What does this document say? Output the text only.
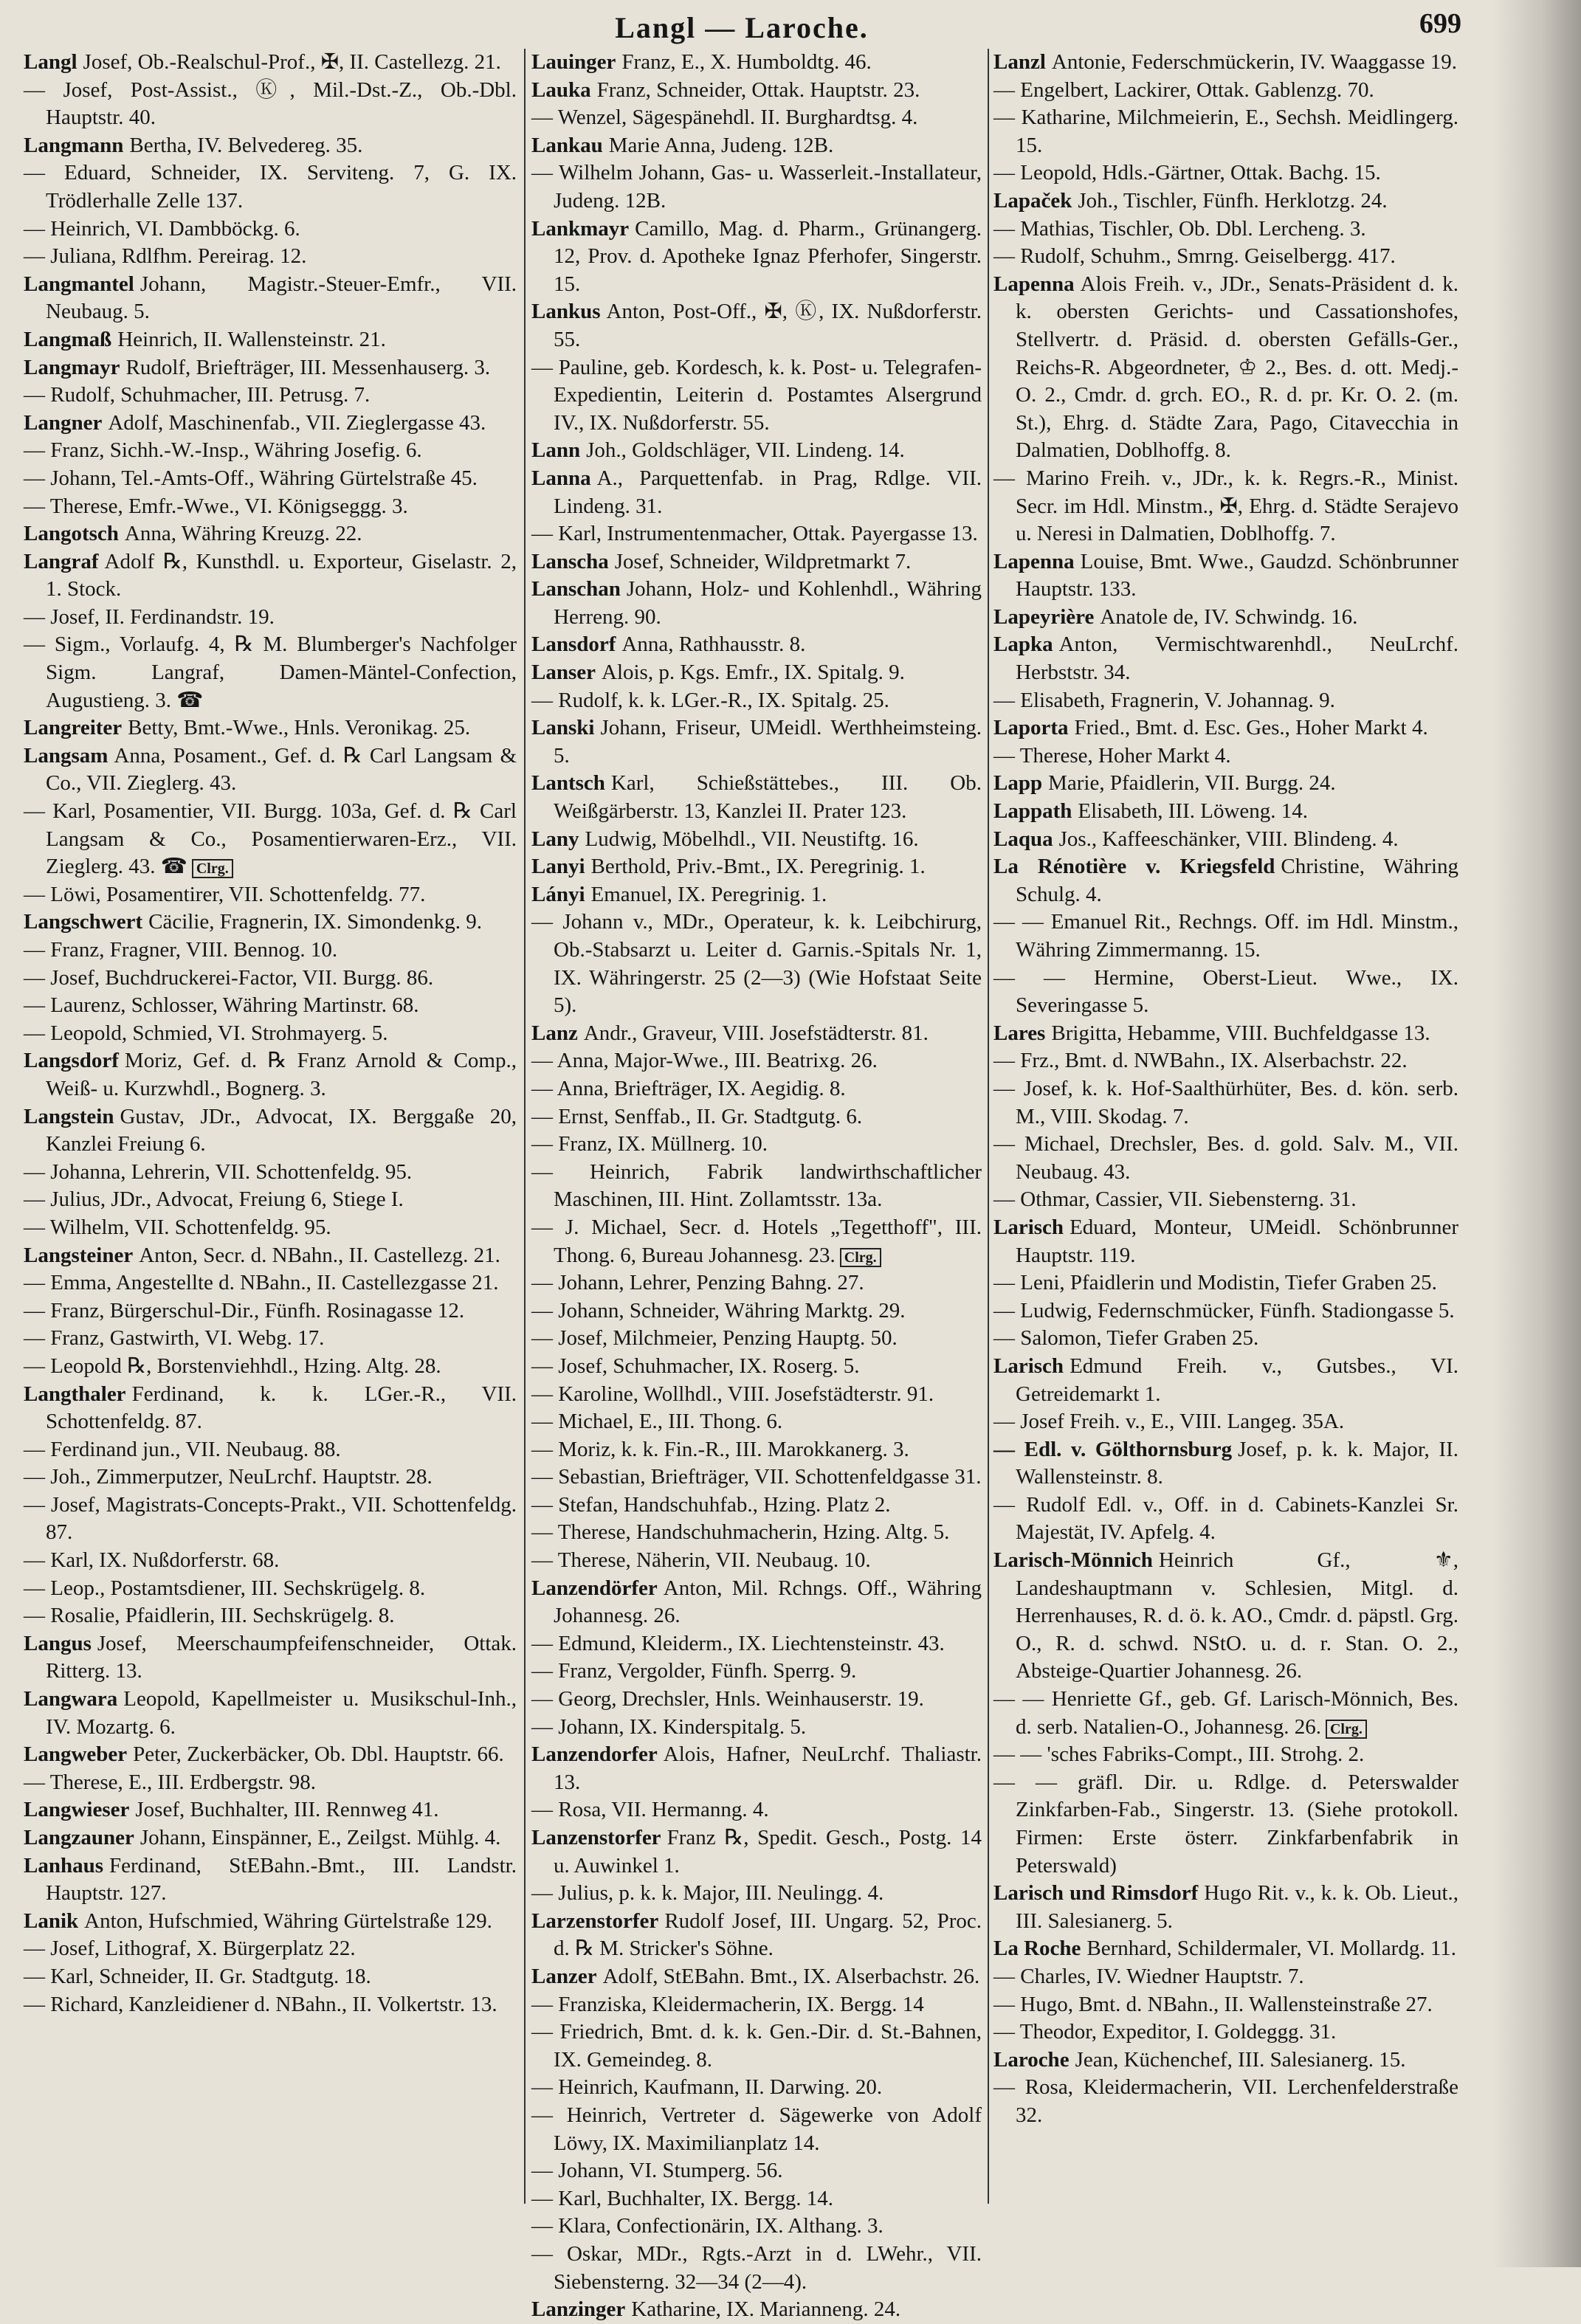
Langl — Laroche.	699

Langl Josef, Ob.-Realschul-Prof., ✠, II. Castellezg. 21.

— Josef, Post-Assist., Ⓚ, Mil.-Dst.-Z., Ob.-Dbl. Hauptstr. 40.

Langmann Bertha, IV. Belvedereg. 35.

— Eduard, Schneider, IX. Serviteng. 7, G. IX. Trödlerhalle Zelle 137.

— Heinrich, VI. Dambböckg. 6.

— Juliana, Rdlfhm. Pereirag. 12.

Langmantel Johann, Magistr.-Steuer-Emfr., VII. Neubaug. 5.

Langmaß Heinrich, II. Wallensteinstr. 21.

Langmayr Rudolf, Briefträger, III. Messenhauserg. 3.

— Rudolf, Schuhmacher, III. Petrusg. 7.

Langner Adolf, Maschinenfab., VII. Zieglergasse 43.

— Franz, Sichh.-W.-Insp., Währing Josefig. 6.

— Johann, Tel.-Amts-Off., Währing Gürtelstraße 45.

— Therese, Emfr.-Wwe., VI. Königseggg. 3.

Langotsch Anna, Währing Kreuzg. 22.

Langraf Adolf ℞, Kunsthdl. u. Exporteur, Giselastr. 2, 1. Stock.

— Josef, II. Ferdinandstr. 19.

— Sigm., Vorlaufg. 4, ℞ M. Blumberger's Nachfolger Sigm. Langraf, Damen-Mäntel-Confection, Augustieng. 3. ☎

Langreiter Betty, Bmt.-Wwe., Hnls. Veronikag. 25.

Langsam Anna, Posament., Gef. d. ℞ Carl Langsam & Co., VII. Zieglerg. 43.

— Karl, Posamentier, VII. Burgg. 103a, Gef. d. ℞ Carl Langsam & Co., Posamentierwaren-Erz., VII. Zieglerg. 43. ☎ Clrg.

— Löwi, Posamentirer, VII. Schottenfeldg. 77.

Langschwert Cäcilie, Fragnerin, IX. Simondenkg. 9.

— Franz, Fragner, VIII. Bennog. 10.

— Josef, Buchdruckerei-Factor, VII. Burgg. 86.

— Laurenz, Schlosser, Währing Martinstr. 68.

— Leopold, Schmied, VI. Strohmayerg. 5.

Langsdorf Moriz, Gef. d. ℞ Franz Arnold & Comp., Weiß- u. Kurzwhdl., Bognerg. 3.

Langstein Gustav, JDr., Advocat, IX. Berggaße 20, Kanzlei Freiung 6.

— Johanna, Lehrerin, VII. Schottenfeldg. 95.

— Julius, JDr., Advocat, Freiung 6, Stiege I.

— Wilhelm, VII. Schottenfeldg. 95.

Langsteiner Anton, Secr. d. NBahn., II. Castellezg. 21.

— Emma, Angestellte d. NBahn., II. Castellezgasse 21.

— Franz, Bürgerschul-Dir., Fünfh. Rosinagasse 12.

— Franz, Gastwirth, VI. Webg. 17.

— Leopold ℞, Borstenviehhdl., Hzing. Altg. 28.

Langthaler Ferdinand, k. k. LGer.-R., VII. Schottenfeldg. 87.

— Ferdinand jun., VII. Neubaug. 88.

— Joh., Zimmerputzer, NeuLrchf. Hauptstr. 28.

— Josef, Magistrats-Concepts-Prakt., VII. Schottenfeldg. 87.

— Karl, IX. Nußdorferstr. 68.

— Leop., Postamtsdiener, III. Sechskrügelg. 8.

— Rosalie, Pfaidlerin, III. Sechskrügelg. 8.

Langus Josef, Meerschaumpfeifenschneider, Ottak. Ritterg. 13.

Langwara Leopold, Kapellmeister u. Musikschul-Inh., IV. Mozartg. 6.

Langweber Peter, Zuckerbäcker, Ob. Dbl. Hauptstr. 66.

— Therese, E., III. Erdbergstr. 98.

Langwieser Josef, Buchhalter, III. Rennweg 41.

Langzauner Johann, Einspänner, E., Zeilgst. Mühlg. 4.

Lanhaus Ferdinand, StEBahn.-Bmt., III. Landstr. Hauptstr. 127.

Lanik Anton, Hufschmied, Währing Gürtelstraße 129.

— Josef, Lithograf, X. Bürgerplatz 22.

— Karl, Schneider, II. Gr. Stadtgutg. 18.

— Richard, Kanzleidiener d. NBahn., II. Volkertstr. 13.

Lauinger Franz, E., X. Humboldtg. 46.

Lauka Franz, Schneider, Ottak. Hauptstr. 23.

— Wenzel, Sägespänehdl. II. Burghardtsg. 4.

Lankau Marie Anna, Judeng. 12B.

— Wilhelm Johann, Gas- u. Wasserleit.-Installateur, Judeng. 12B.

Lankmayr Camillo, Mag. d. Pharm., Grünangerg. 12, Prov. d. Apotheke Ignaz Pferhofer, Singerstr. 15.

Lankus Anton, Post-Off., ✠, Ⓚ, IX. Nußdorferstr. 55.

— Pauline, geb. Kordesch, k. k. Post- u. Telegrafen-Expedientin, Leiterin d. Postamtes Alsergrund IV., IX. Nußdorferstr. 55.

Lann Joh., Goldschläger, VII. Lindeng. 14.

Lanna A., Parquettenfab. in Prag, Rdlge. VII. Lindeng. 31.

— Karl, Instrumentenmacher, Ottak. Payergasse 13.

Lanscha Josef, Schneider, Wildpretmarkt 7.

Lanschan Johann, Holz- und Kohlenhdl., Währing Herreng. 90.

Lansdorf Anna, Rathhausstr. 8.

Lanser Alois, p. Kgs. Emfr., IX. Spitalg. 9.

— Rudolf, k. k. LGer.-R., IX. Spitalg. 25.

Lanski Johann, Friseur, UMeidl. Werthheimsteing. 5.

Lantsch Karl, Schießstättebes., III. Ob. Weißgärberstr. 13, Kanzlei II. Prater 123.

Lany Ludwig, Möbelhdl., VII. Neustiftg. 16.

Lanyi Berthold, Priv.-Bmt., IX. Peregrinig. 1.

Lányi Emanuel, IX. Peregrinig. 1.

— Johann v., MDr., Operateur, k. k. Leibchirurg, Ob.-Stabsarzt u. Leiter d. Garnis.-Spitals Nr. 1, IX. Währingerstr. 25 (2—3) (Wie Hofstaat Seite 5).

Lanz Andr., Graveur, VIII. Josefstädterstr. 81.

— Anna, Major-Wwe., III. Beatrixg. 26.

— Anna, Briefträger, IX. Aegidig. 8.

— Ernst, Senffab., II. Gr. Stadtgutg. 6.

— Franz, IX. Müllnerg. 10.

— Heinrich, Fabrik landwirthschaftlicher Maschinen, III. Hint. Zollamtsstr. 13a.

— J. Michael, Secr. d. Hotels „Tegetthoff", III. Thong. 6, Bureau Johannesg. 23. Clrg.

— Johann, Lehrer, Penzing Bahng. 27.

— Johann, Schneider, Währing Marktg. 29.

— Josef, Milchmeier, Penzing Hauptg. 50.

— Josef, Schuhmacher, IX. Roserg. 5.

— Karoline, Wollhdl., VIII. Josefstädterstr. 91.

— Michael, E., III. Thong. 6.

— Moriz, k. k. Fin.-R., III. Marokkanerg. 3.

— Sebastian, Briefträger, VII. Schottenfeldgasse 31.

— Stefan, Handschuhfab., Hzing. Platz 2.

— Therese, Handschuhmacherin, Hzing. Altg. 5.

— Therese, Näherin, VII. Neubaug. 10.

Lanzendörfer Anton, Mil. Rchngs. Off., Währing Johannesg. 26.

— Edmund, Kleiderm., IX. Liechtensteinstr. 43.

— Franz, Vergolder, Fünfh. Sperrg. 9.

— Georg, Drechsler, Hnls. Weinhauserstr. 19.

— Johann, IX. Kinderspitalg. 5.

Lanzendorfer Alois, Hafner, NeuLrchf. Thaliastr. 13.

— Rosa, VII. Hermanng. 4.

Lanzenstorfer Franz ℞, Spedit. Gesch., Postg. 14 u. Auwinkel 1.

— Julius, p. k. k. Major, III. Neulingg. 4.

Larzenstorfer Rudolf Josef, III. Ungarg. 52, Proc. d. ℞ M. Stricker's Söhne.

Lanzer Adolf, StEBahn. Bmt., IX. Alserbachstr. 26.

— Franziska, Kleidermacherin, IX. Bergg. 14

— Friedrich, Bmt. d. k. k. Gen.-Dir. d. St.-Bahnen, IX. Gemeindeg. 8.

— Heinrich, Kaufmann, II. Darwing. 20.

— Heinrich, Vertreter d. Sägewerke von Adolf Löwy, IX. Maximilianplatz 14.

— Johann, VI. Stumperg. 56.

— Karl, Buchhalter, IX. Bergg. 14.

— Klara, Confectionärin, IX. Althang. 3.

— Oskar, MDr., Rgts.-Arzt in d. LWehr., VII. Siebensterng. 32—34 (2—4).

Lanzinger Katharine, IX. Marianneng. 24.

Lanzl Antonie, Federschmückerin, IV. Waaggasse 19.

— Engelbert, Lackirer, Ottak. Gablenzg. 70.

— Katharine, Milchmeierin, E., Sechsh. Meidlingerg. 15.

— Leopold, Hdls.-Gärtner, Ottak. Bachg. 15.

Lapaček Joh., Tischler, Fünfh. Herklotzg. 24.

— Mathias, Tischler, Ob. Dbl. Lercheng. 3.

— Rudolf, Schuhm., Smrng. Geiselbergg. 417.

Lapenna Alois Freih. v., JDr., Senats-Präsident d. k. k. obersten Gerichts- und Cassationshofes, Stellvertr. d. Präsid. d. obersten Gefälls-Ger., Reichs-R. Abgeordneter, ♔ 2., Bes. d. ott. Medj.-O. 2., Cmdr. d. grch. EO., R. d. pr. Kr. O. 2. (m. St.), Ehrg. d. Städte Zara, Pago, Citavecchia in Dalmatien, Doblhoffg. 8.

— Marino Freih. v., JDr., k. k. Regrs.-R., Minist. Secr. im Hdl. Minstm., ✠, Ehrg. d. Städte Serajevo u. Neresi in Dalmatien, Doblhoffg. 7.

Lapenna Louise, Bmt. Wwe., Gaudzd. Schönbrunner Hauptstr. 133.

Lapeyrière Anatole de, IV. Schwindg. 16.

Lapka Anton, Vermischtwarenhdl., NeuLrchf. Herbststr. 34.

— Elisabeth, Fragnerin, V. Johannag. 9.

Laporta Fried., Bmt. d. Esc. Ges., Hoher Markt 4.

— Therese, Hoher Markt 4.

Lapp Marie, Pfaidlerin, VII. Burgg. 24.

Lappath Elisabeth, III. Löweng. 14.

Laqua Jos., Kaffeeschänker, VIII. Blindeng. 4.

La Rénotière v. Kriegsfeld Christine, Währing Schulg. 4.

— — Emanuel Rit., Rechngs. Off. im Hdl. Minstm., Währing Zimmermanng. 15.

— — Hermine, Oberst-Lieut. Wwe., IX. Severingasse 5.

Lares Brigitta, Hebamme, VIII. Buchfeldgasse 13.

— Frz., Bmt. d. NWBahn., IX. Alserbachstr. 22.

— Josef, k. k. Hof-Saalthürhüter, Bes. d. kön. serb. M., VIII. Skodag. 7.

— Michael, Drechsler, Bes. d. gold. Salv. M., VII. Neubaug. 43.

— Othmar, Cassier, VII. Siebensterng. 31.

Larisch Eduard, Monteur, UMeidl. Schönbrunner Hauptstr. 119.

— Leni, Pfaidlerin und Modistin, Tiefer Graben 25.

— Ludwig, Federnschmücker, Fünfh. Stadiongasse 5.

— Salomon, Tiefer Graben 25.

Larisch Edmund Freih. v., Gutsbes., VI. Getreidemarkt 1.

— Josef Freih. v., E., VIII. Langeg. 35A.

— Edl. v. Gölthornsburg Josef, p. k. k. Major, II. Wallensteinstr. 8.

— Rudolf Edl. v., Off. in d. Cabinets-Kanzlei Sr. Majestät, IV. Apfelg. 4.

Larisch-Mönnich Heinrich Gf., ⚜, Landeshauptmann v. Schlesien, Mitgl. d. Herrenhauses, R. d. ö. k. AO., Cmdr. d. päpstl. Grg. O., R. d. schwd. NStO. u. d. r. Stan. O. 2., Absteige-Quartier Johannesg. 26.

— — Henriette Gf., geb. Gf. Larisch-Mönnich, Bes. d. serb. Natalien-O., Johannesg. 26. Clrg.

— — 'sches Fabriks-Compt., III. Strohg. 2.

— — gräfl. Dir. u. Rdlge. d. Peterswalder Zinkfarben-Fab., Singerstr. 13. (Siehe protokoll. Firmen: Erste österr. Zinkfarbenfabrik in Peterswald)

Larisch und Rimsdorf Hugo Rit. v., k. k. Ob. Lieut., III. Salesianerg. 5.

La Roche Bernhard, Schildermaler, VI. Mollardg. 11.

— Charles, IV. Wiedner Hauptstr. 7.

— Hugo, Bmt. d. NBahn., II. Wallensteinstraße 27.

— Theodor, Expeditor, I. Goldeggg. 31.

Laroche Jean, Küchenchef, III. Salesianerg. 15.

— Rosa, Kleidermacherin, VII. Lerchenfelderstraße 32.
